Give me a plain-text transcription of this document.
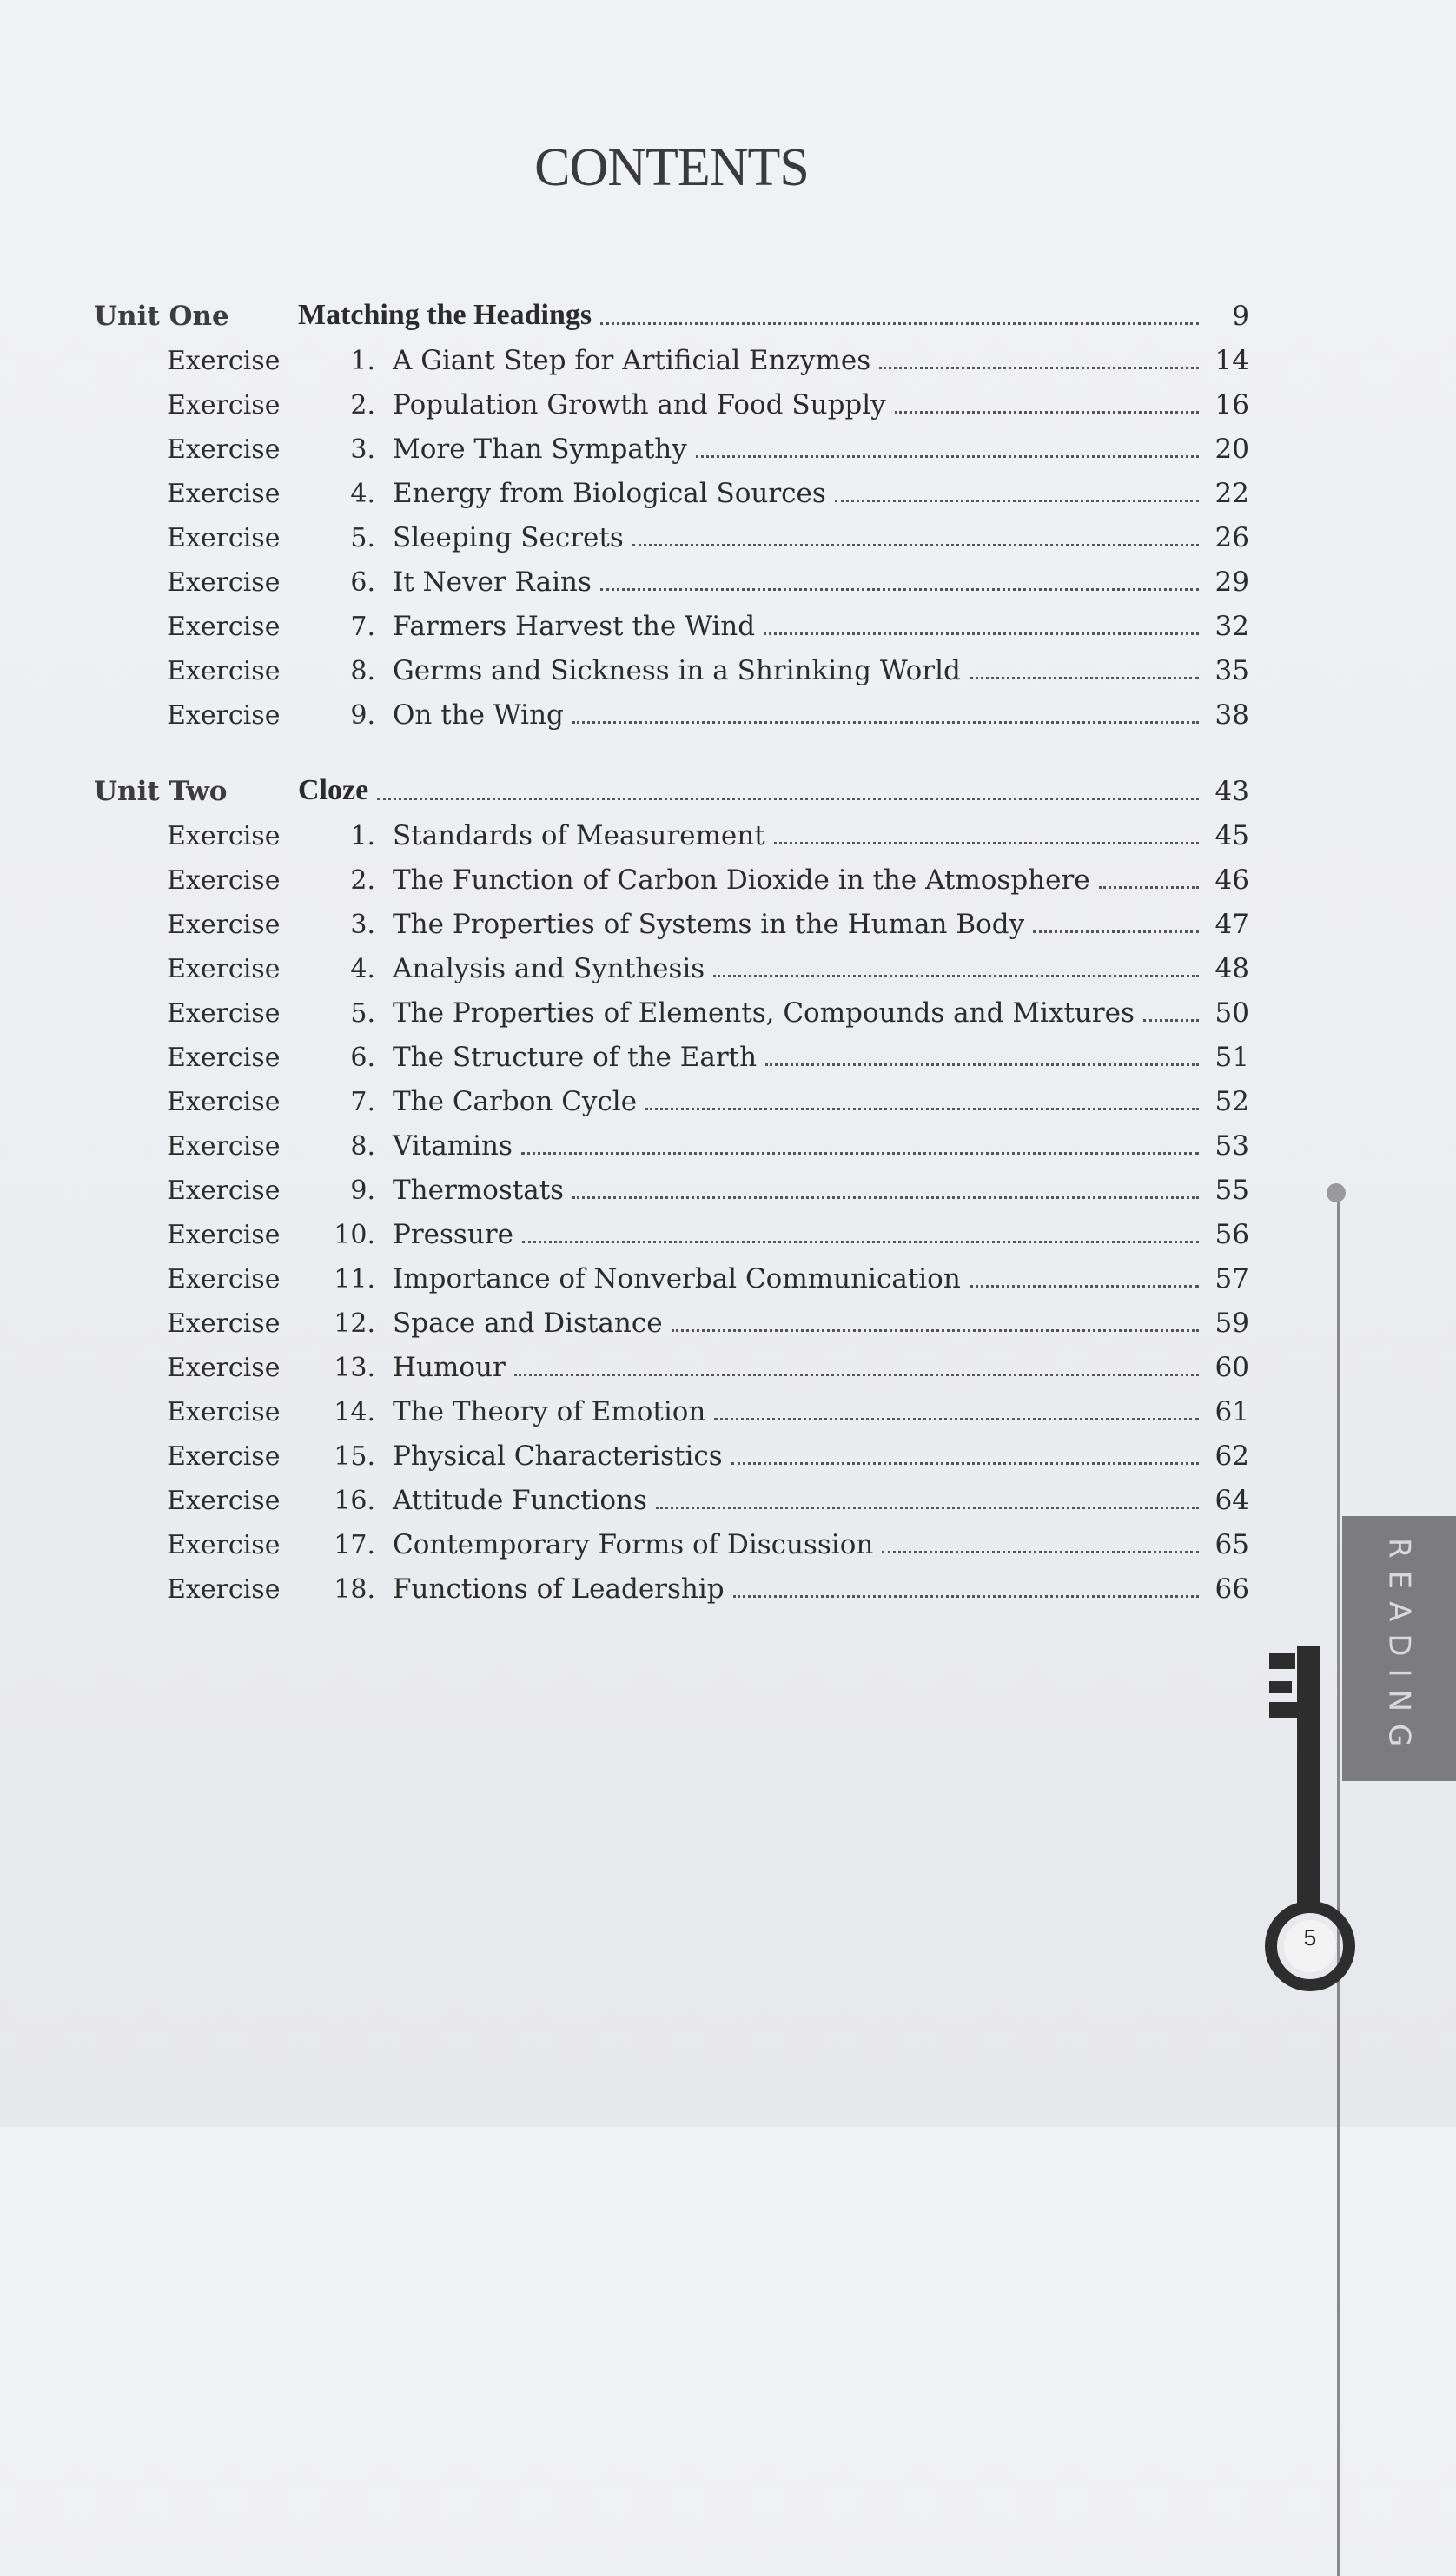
CONTENTS
Unit One	Matching the Headings	9
Exercise	1. A Giant Step for Artificial Enzymes	14
Exercise	2. Population Growth and Food Supply	16
Exercise	3. More Than Sympathy	20
Exercise	4. Energy from Biological Sources	22
Exercise	5. Sleeping Secrets	26
Exercise	6. It Never Rains	29
Exercise	7. Farmers Harvest the Wind	32
Exercise	8. Germs and Sickness in a Shrinking World	35
Exercise	9. On the Wing	38
Unit Two	Cloze	43
Exercise	1. Standards of Measurement	45
Exercise	2. The Function of Carbon Dioxide in the Atmosphere	46
Exercise	3. The Properties of Systems in the Human Body	47
Exercise	4. Analysis and Synthesis	48
Exercise	5. The Properties of Elements, Compounds and Mixtures	50
Exercise	6. The Structure of the Earth	51
Exercise	7. The Carbon Cycle	52
Exercise	8. Vitamins	53
Exercise	9. Thermostats	55
Exercise	10. Pressure	56
Exercise	11. Importance of Nonverbal Communication	57
Exercise	12. Space and Distance	59
Exercise	13. Humour	60
Exercise	14. The Theory of Emotion	61
Exercise	15. Physical Characteristics	62
Exercise	16. Attitude Functions	64
Exercise	17. Contemporary Forms of Discussion	65
Exercise	18. Functions of Leadership	66	READING
5
